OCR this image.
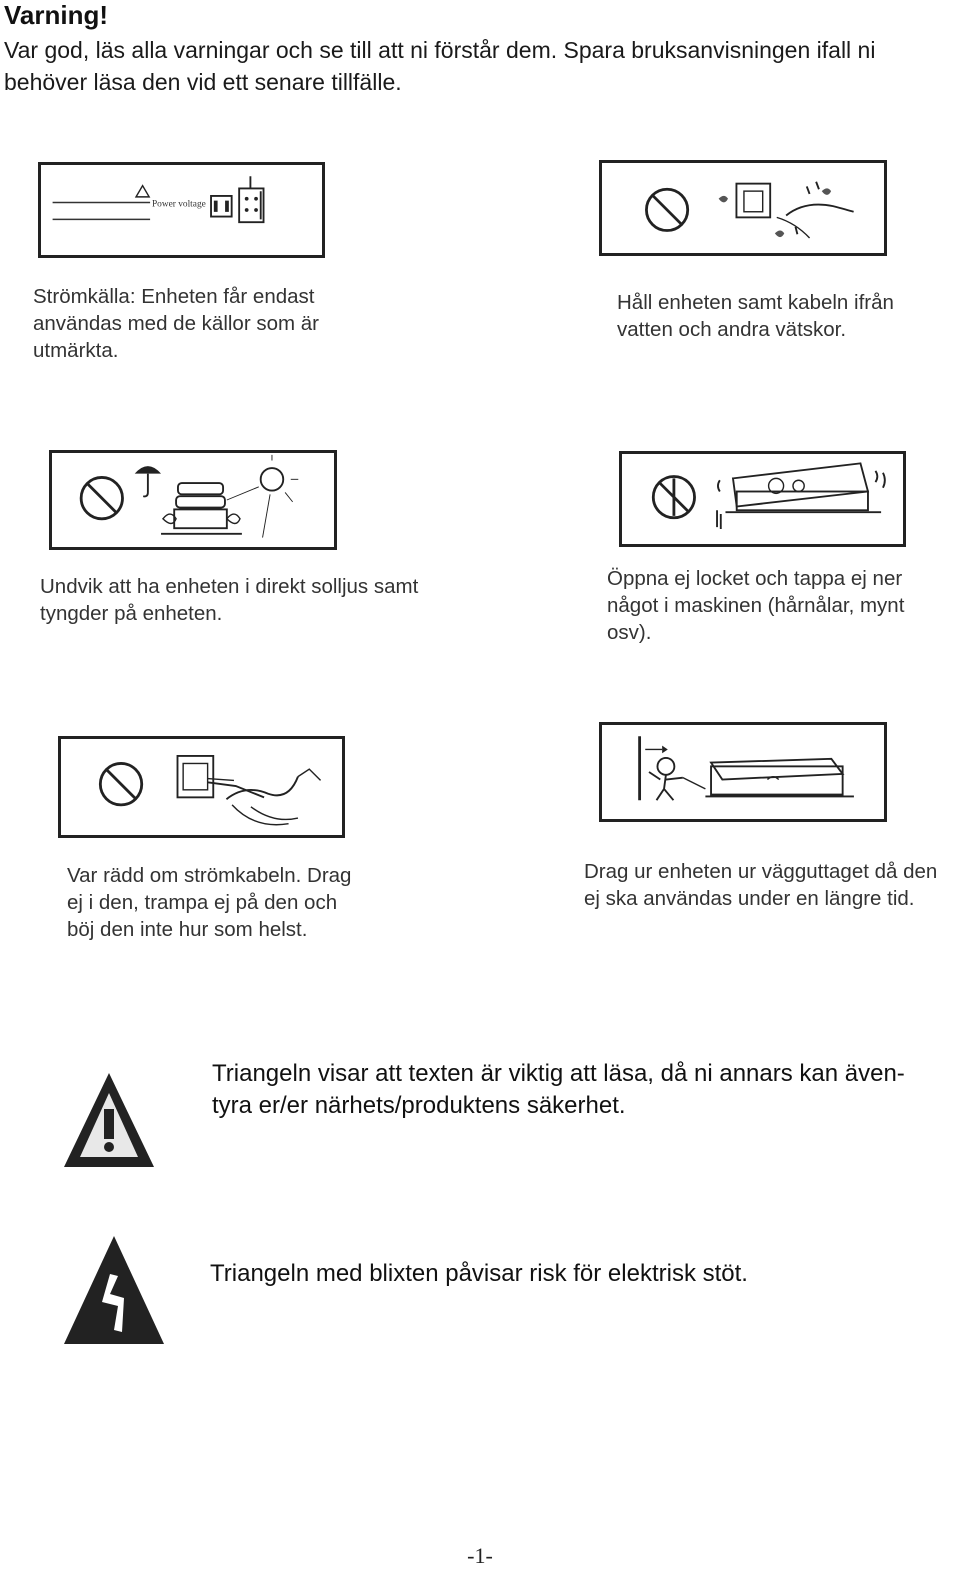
Varning!
Var god, läs alla varningar och se till att ni förstår dem. Spara bruksanvisningen ifall ni behöver läsa den vid ett senare tillfälle.
Power voltage
Strömkälla: Enheten får endast användas med de källor som är utmärkta.
Håll enheten samt kabeln ifrån vatten och andra vätskor.
Undvik att ha enheten i direkt solljus samt tyngder på enheten.
Öppna ej locket och tappa ej ner något i maskinen (hårnålar, mynt osv).
Var rädd om strömkabeln. Drag ej i den, trampa ej på den och böj den inte hur som helst.
Drag ur enheten ur vägguttaget då den ej ska användas under en längre tid.
Triangeln visar att texten är viktig att läsa, då ni annars kan även-tyra er/er närhets/produktens säkerhet.
Triangeln med blixten påvisar risk för elektrisk stöt.
-1-
